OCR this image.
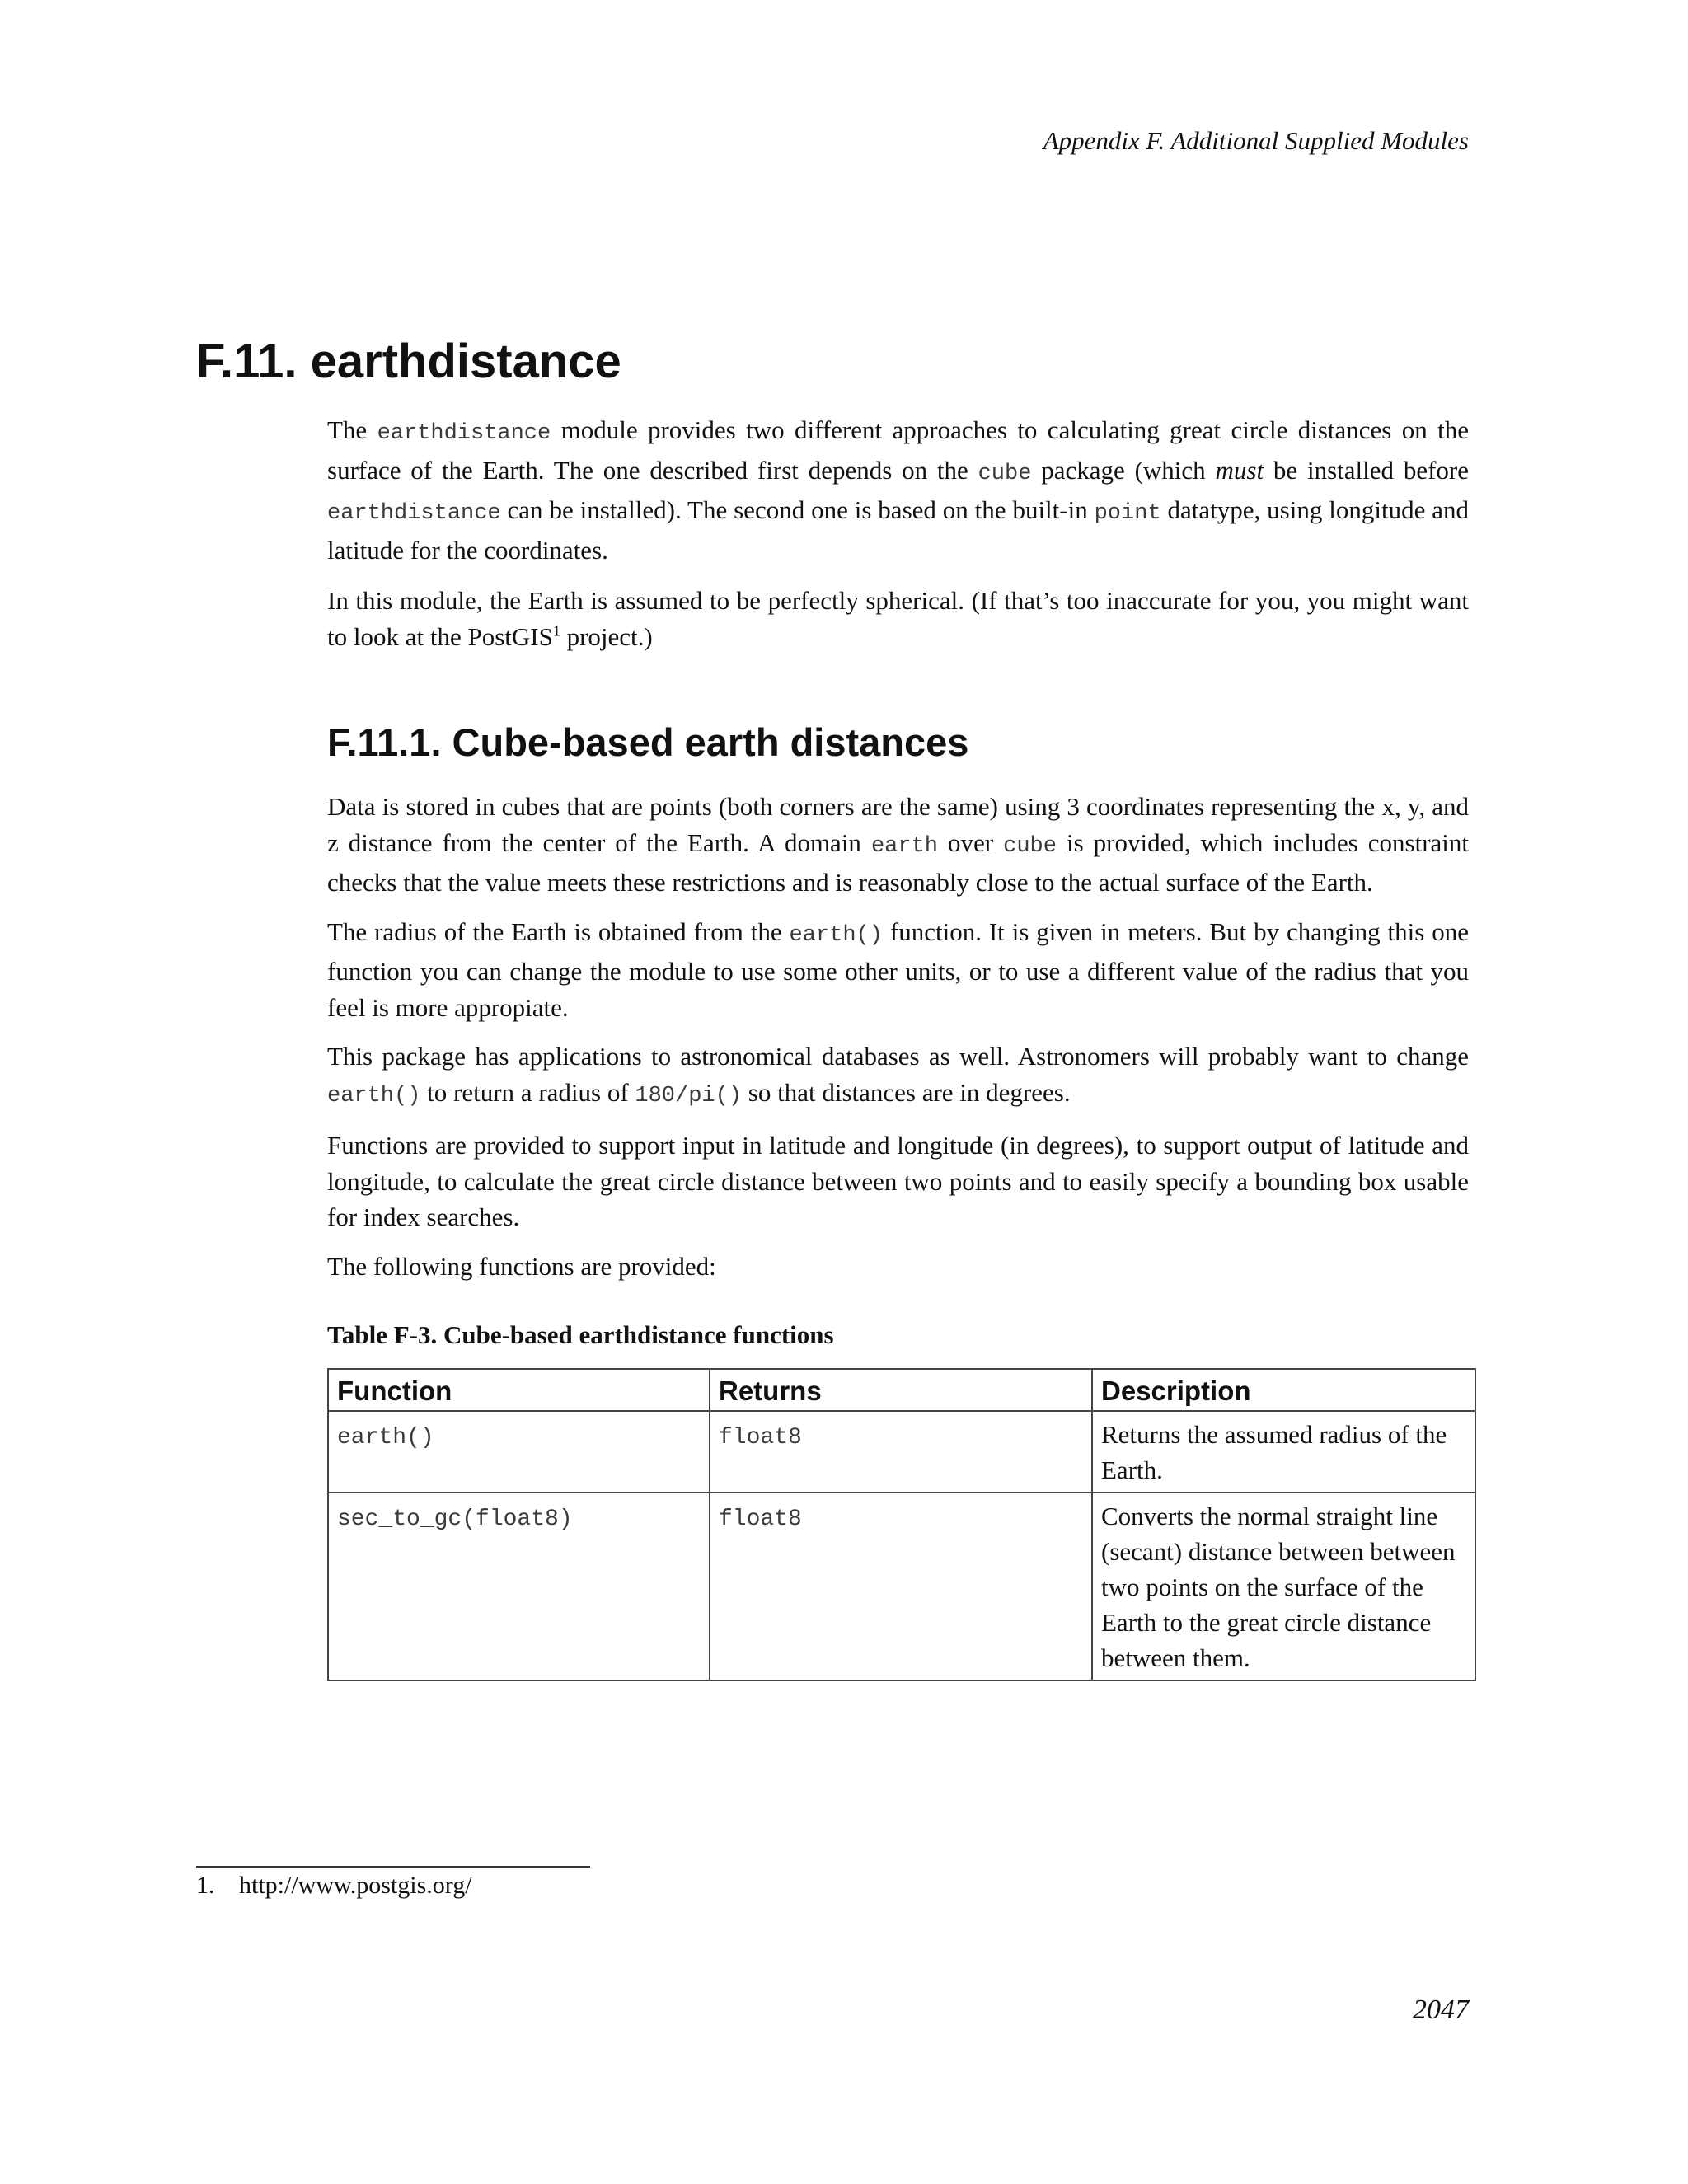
Appendix F. Additional Supplied Modules
F.11. earthdistance

The earthdistance module provides two different approaches to calculating great circle distances on the surface of the Earth. The one described first depends on the cube package (which must be installed before earthdistance can be installed). The second one is based on the built-in point datatype, using longitude and latitude for the coordinates.

In this module, the Earth is assumed to be perfectly spherical. (If that’s too inaccurate for you, you might want to look at the PostGIS$^1$ project.)

F.11.1. Cube-based earth distances

Data is stored in cubes that are points (both corners are the same) using 3 coordinates representing the x, y, and z distance from the center of the Earth. A domain earth over cube is provided, which includes constraint checks that the value meets these restrictions and is reasonably close to the actual surface of the Earth.

The radius of the Earth is obtained from the earth() function. It is given in meters. But by changing this one function you can change the module to use some other units, or to use a different value of the radius that you feel is more appropiate.

This package has applications to astronomical databases as well. Astronomers will probably want to change earth() to return a radius of 180/pi() so that distances are in degrees.

Functions are provided to support input in latitude and longitude (in degrees), to support output of latitude and longitude, to calculate the great circle distance between two points and to easily specify a bounding box usable for index searches.

The following functions are provided:

Table F-3. Cube-based earthdistance functions

Function	Returns	Description
earth()	float8	Returns the assumed radius of the Earth.
sec_to_gc(float8)	float8	Converts the normal straight line (secant) distance between between two points on the surface of the Earth to the great circle distance between them.
1. http://www.postgis.org/
2047
